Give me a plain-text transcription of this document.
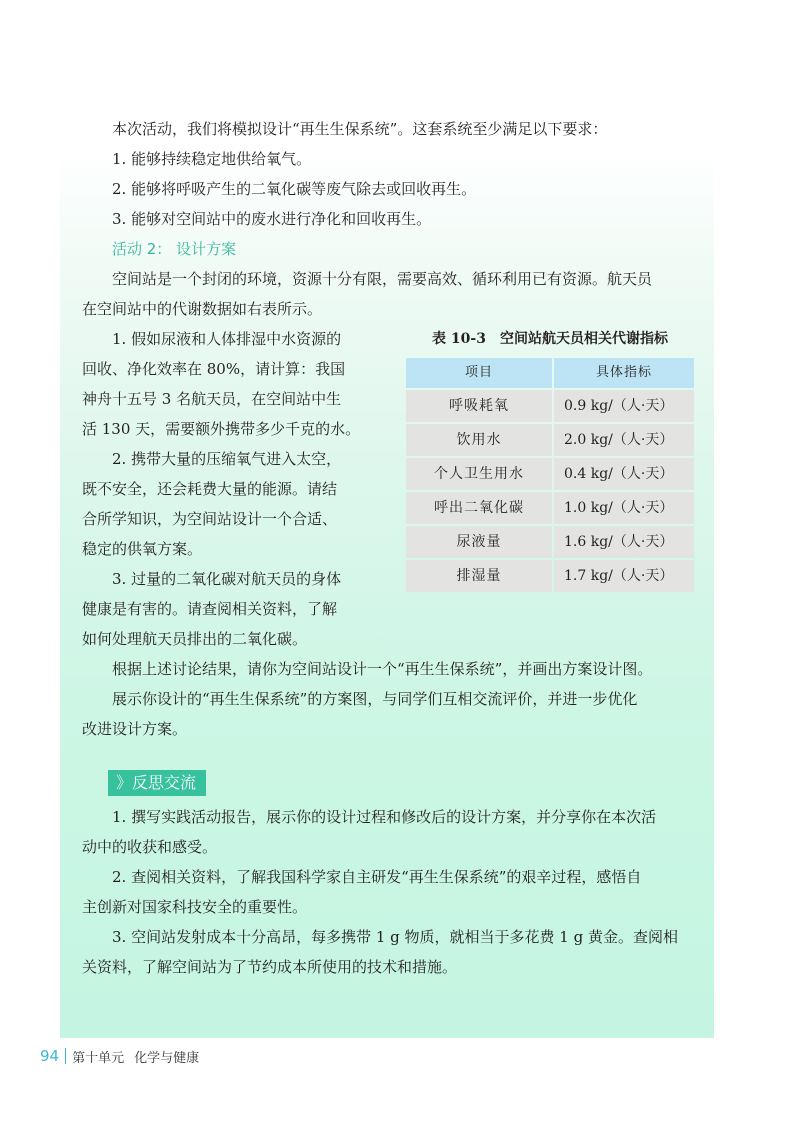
本次活动，我们将模拟设计“再生生保系统”。这套系统至少满足以下要求：

1. 能够持续稳定地供给氧气。

2. 能够将呼吸产生的二氧化碳等废气除去或回收再生。

3. 能够对空间站中的废水进行净化和回收再生。

活动 2： 设计方案

空间站是一个封闭的环境，资源十分有限，需要高效、循环利用已有资源。航天员

在空间站中的代谢数据如右表所示。

1. 假如尿液和人体排湿中水资源的

回收、净化效率在 80%，请计算：我国

神舟十五号 3 名航天员，在空间站中生

活 130 天，需要额外携带多少千克的水。

2. 携带大量的压缩氧气进入太空，

既不安全，还会耗费大量的能源。请结

合所学知识，为空间站设计一个合适、

稳定的供氧方案。

3. 过量的二氧化碳对航天员的身体

健康是有害的。请查阅相关资料，了解

如何处理航天员排出的二氧化碳。

表 10-3　空间站航天员相关代谢指标

项目	具体指标
呼吸耗氧	0.9 kg/（人·天）
饮用水	2.0 kg/（人·天）
个人卫生用水	0.4 kg/（人·天）
呼出二氧化碳	1.0 kg/（人·天）
尿液量	1.6 kg/（人·天）
排湿量	1.7 kg/（人·天）

根据上述讨论结果，请你为空间站设计一个“再生生保系统”，并画出方案设计图。

展示你设计的“再生生保系统”的方案图，与同学们互相交流评价，并进一步优化

改进设计方案。

》反思交流

1. 撰写实践活动报告，展示你的设计过程和修改后的设计方案，并分享你在本次活

动中的收获和感受。

2. 查阅相关资料，了解我国科学家自主研发“再生生保系统”的艰辛过程，感悟自

主创新对国家科技安全的重要性。

3. 空间站发射成本十分高昂，每多携带 1 g 物质，就相当于多花费 1 g 黄金。查阅相

关资料，了解空间站为了节约成本所使用的技术和措施。

94 第十单元 化学与健康
